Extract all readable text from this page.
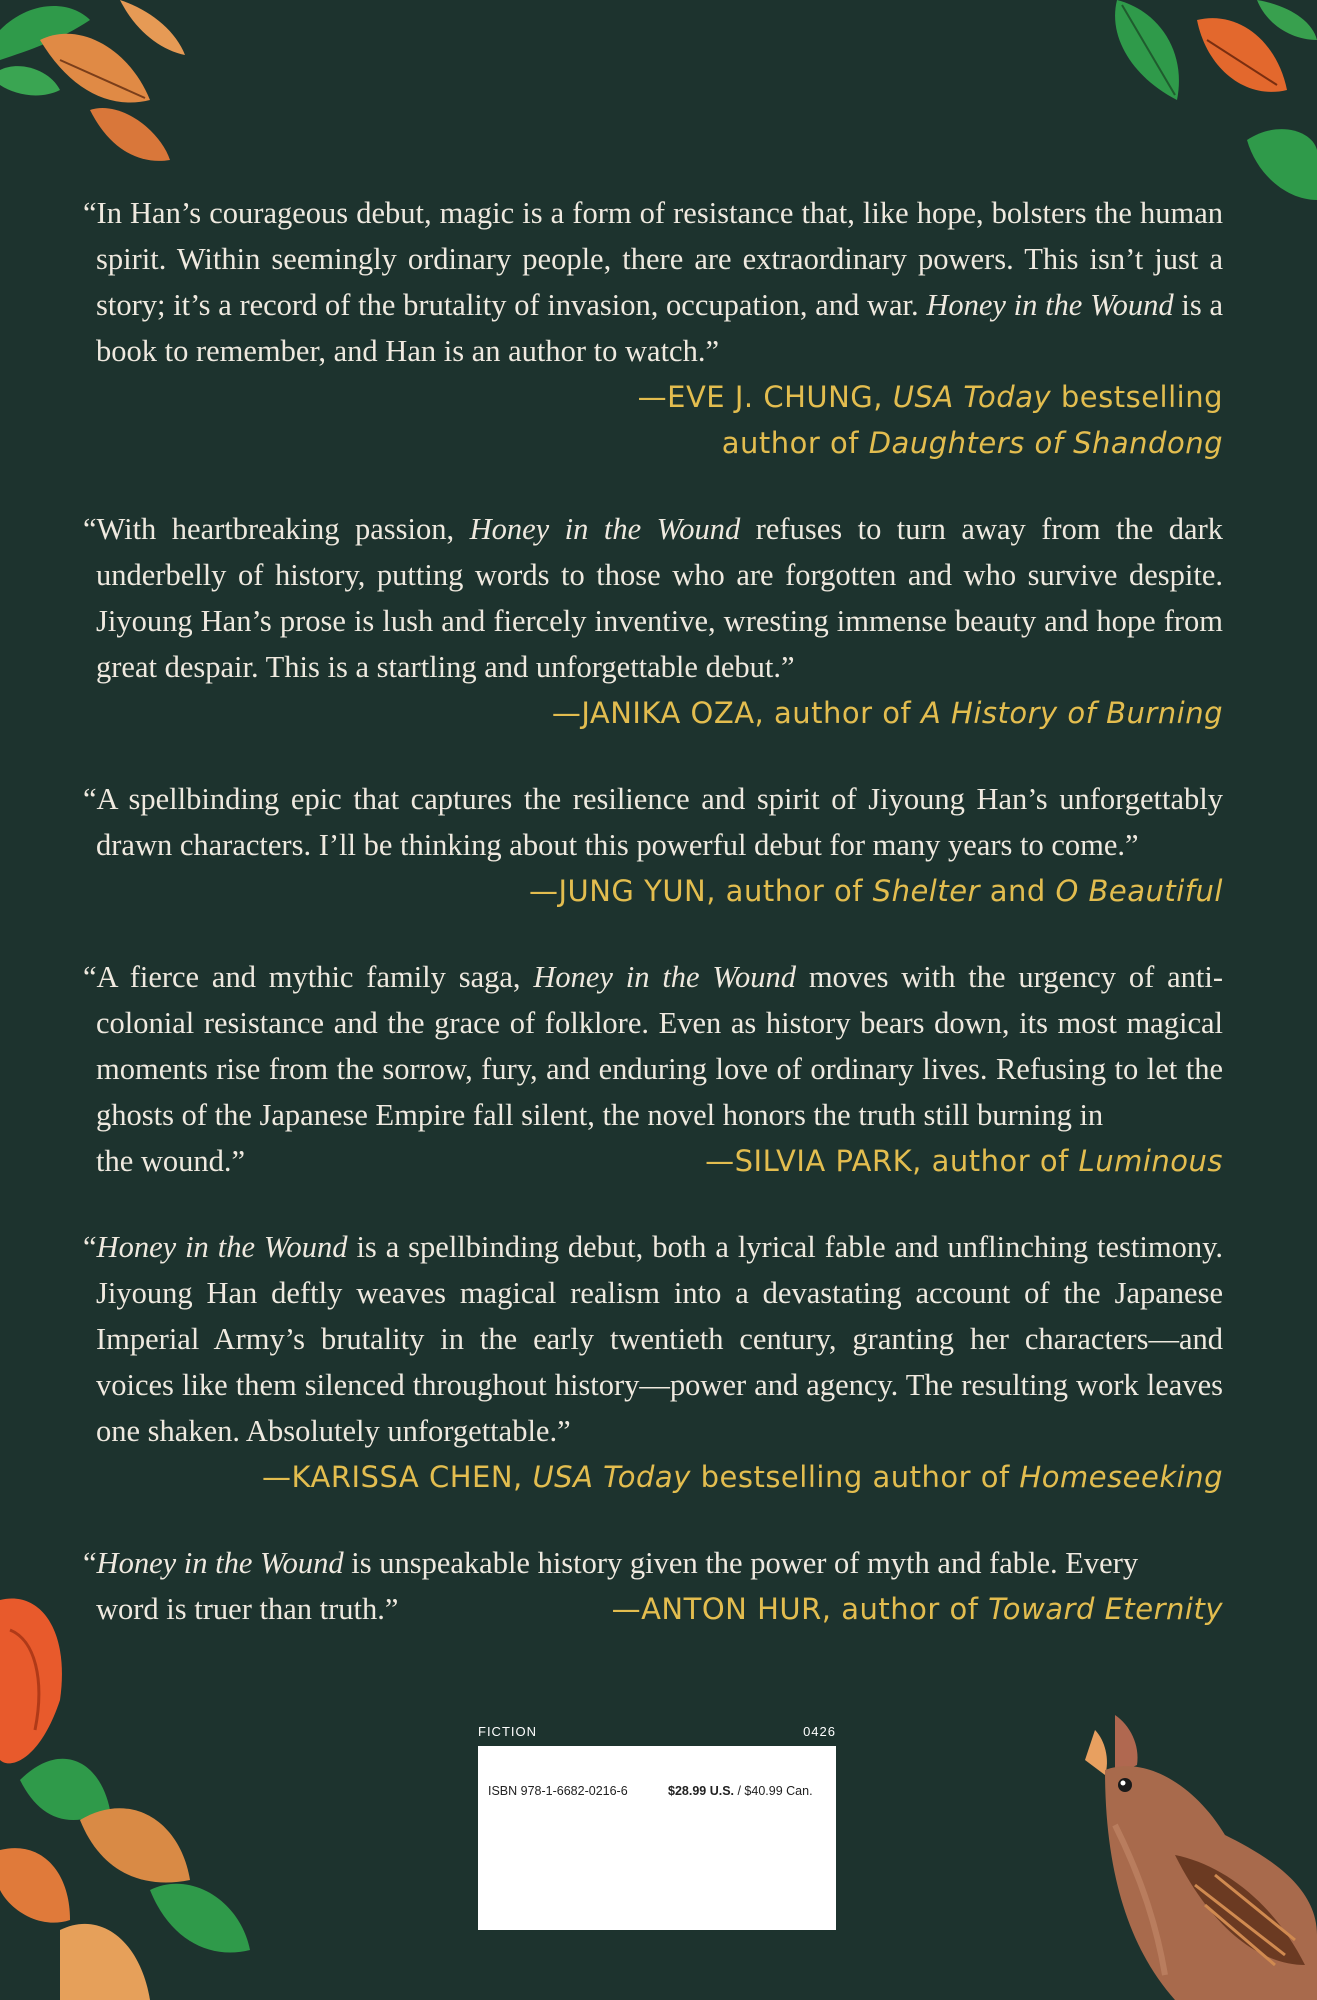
“In Han’s courageous debut, magic is a form of resistance that, like hope, bolsters the human spirit. Within seemingly ordinary people, there are extraordinary powers. This isn’t just a story; it’s a record of the brutality of invasion, occupation, and war. Honey in the Wound is a book to remember, and Han is an author to watch.”

—EVE J. CHUNG, USA Today bestselling
author of Daughters of Shandong

“With heartbreaking passion, Honey in the Wound refuses to turn away from the dark underbelly of history, putting words to those who are forgotten and who survive despite. Jiyoung Han’s prose is lush and fiercely inventive, wresting immense beauty and hope from great despair. This is a startling and unforgettable debut.”

—JANIKA OZA, author of A History of Burning

“A spellbinding epic that captures the resilience and spirit of Jiyoung Han’s unforgettably drawn characters. I’ll be thinking about this powerful debut for many years to come.”

—JUNG YUN, author of Shelter and O Beautiful

“A fierce and mythic family saga, Honey in the Wound moves with the urgency of anti-colonial resistance and the grace of folklore. Even as history bears down, its most magical moments rise from the sorrow, fury, and enduring love of ordinary lives. Refusing to let the ghosts of the Japanese Empire fall silent, the novel honors the truth still burning in

the wound.”	—SILVIA PARK, author of Luminous

“Honey in the Wound is a spellbinding debut, both a lyrical fable and unflinching testimony. Jiyoung Han deftly weaves magical realism into a devastating account of the Japanese Imperial Army’s brutality in the early twentieth century, granting her characters—and voices like them silenced throughout history—power and agency. The resulting work leaves one shaken. Absolutely unforgettable.”

—KARISSA CHEN, USA Today bestselling author of Homeseeking

“Honey in the Wound is unspeakable history given the power of myth and fable. Every

word is truer than truth.”	—ANTON HUR, author of Toward Eternity
FICTION	0426
ISBN 978-1-6682-0216-6	$28.99 U.S. / $40.99 Can.
